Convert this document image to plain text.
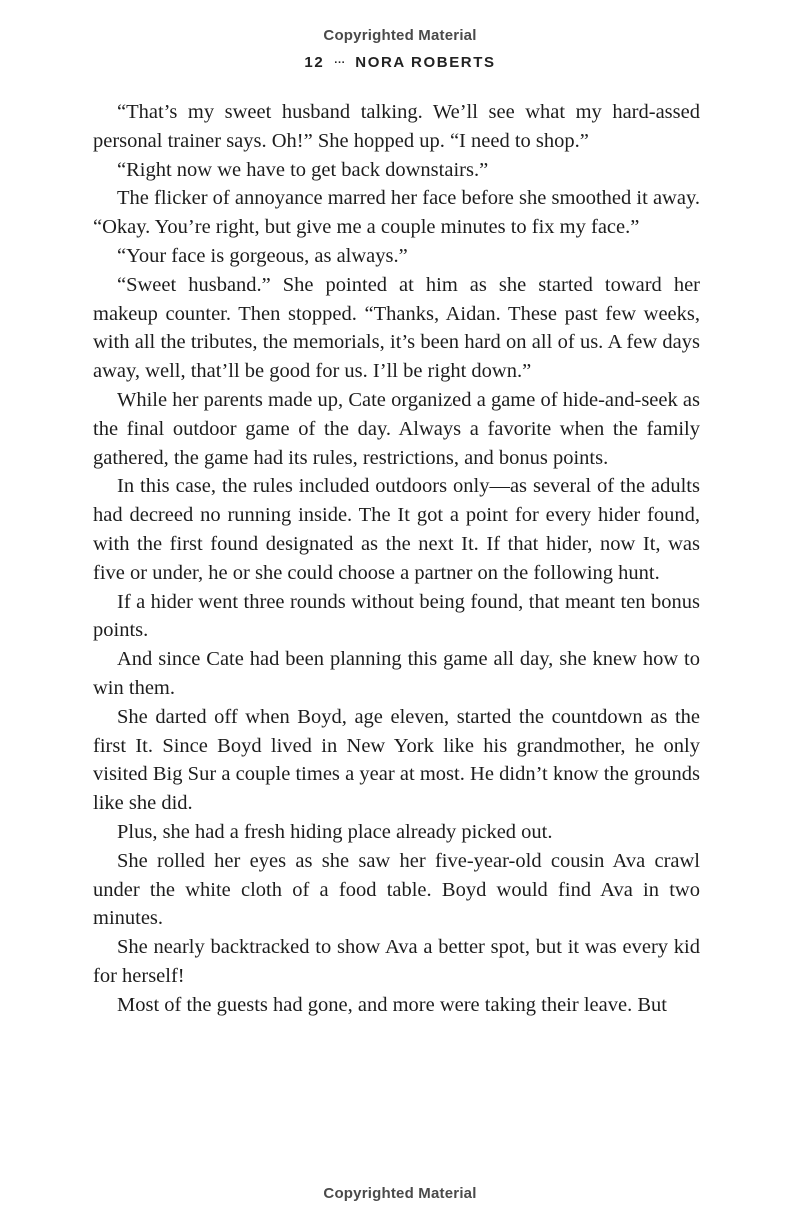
Copyrighted Material
12 ··· NORA ROBERTS

“That’s my sweet husband talking. We’ll see what my hard-assed personal trainer says. Oh!” She hopped up. “I need to shop.”

“Right now we have to get back downstairs.”

The flicker of annoyance marred her face before she smoothed it away. “Okay. You’re right, but give me a couple minutes to fix my face.”

“Your face is gorgeous, as always.”

“Sweet husband.” She pointed at him as she started toward her makeup counter. Then stopped. “Thanks, Aidan. These past few weeks, with all the tributes, the memorials, it’s been hard on all of us. A few days away, well, that’ll be good for us. I’ll be right down.”

While her parents made up, Cate organized a game of hide-and-seek as the final outdoor game of the day. Always a favorite when the family gathered, the game had its rules, restrictions, and bonus points.

In this case, the rules included outdoors only—as several of the adults had decreed no running inside. The It got a point for every hider found, with the first found designated as the next It. If that hider, now It, was five or under, he or she could choose a partner on the following hunt.

If a hider went three rounds without being found, that meant ten bonus points.

And since Cate had been planning this game all day, she knew how to win them.

She darted off when Boyd, age eleven, started the countdown as the first It. Since Boyd lived in New York like his grandmother, he only visited Big Sur a couple times a year at most. He didn’t know the grounds like she did.

Plus, she had a fresh hiding place already picked out.

She rolled her eyes as she saw her five-year-old cousin Ava crawl under the white cloth of a food table. Boyd would find Ava in two minutes.

She nearly backtracked to show Ava a better spot, but it was every kid for herself!

Most of the guests had gone, and more were taking their leave. But

Copyrighted Material
